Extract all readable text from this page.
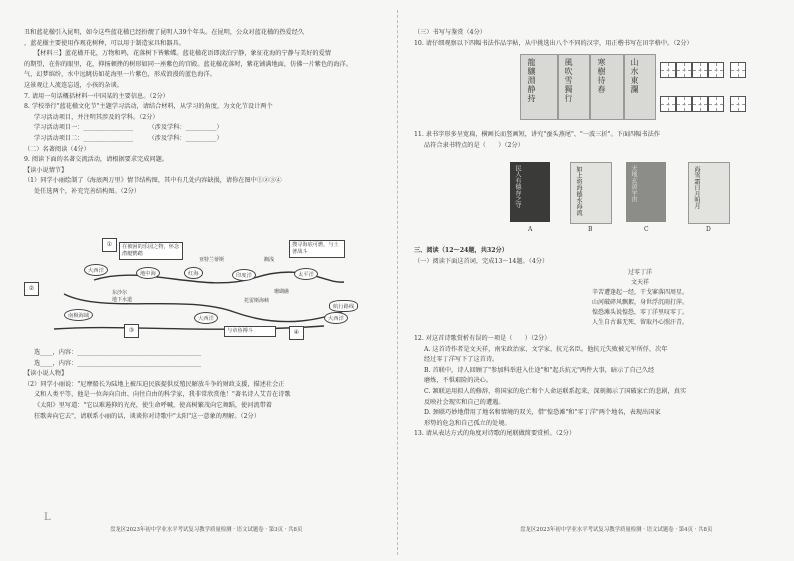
丑和蓝花楹引入昆明，如今这些蓝花楹已经扮靓了昆明人39个年头。在昆明，公众对蓝花楹的热爱经久
，蓝花楹主要使用作观花树种，可以用于制造家具和器具。
【材料三】蓝花楹开花，万物和鸣，花落树下皆紫蝶。蓝花楹花语即淡泊宁静，象征花海的宁静与美好的爱情
的期望，在你的眼里，花，抑扬顿挫的树形如同一座紫色的宫殿。蓝花楹花落时，紫花铺满地面，仿佛一片紫色的海洋。
气，幻梦缤纷，水中远眺彷如花海里一片紫色，形成浪漫的蓝色海洋。
这景观让人流连忘返，小孩的杂谈。
7. 请用一句话概括材料一中国某的主要信息。（2分）
8. 学校举行"蓝花楹文化节"主题学习活动，请结合材料，从学习的角度，为文化节设计两个
学习活动项目，并注明其涉及的学科。（2分）
学习活动项目一：________________　　　（涉及学科：__________）
学习活动项目二：________________　　　（涉及学科：__________）
（二）名著阅读（4分）
9. 阅读下面的名著交流活动，请根据要求完成问题。
【读小说情节】
（1）同学小丽绘制了《海底两万里》情节结构图，其中有几处内容缺损，请你在图中①②③④
处任选两个，补充完善结构图。（2分）
大西洋	地中海	红海	印度洋	太平洋
在被困的乐园之物，怀念潜艇鹦鹉
搜寻海底可燃，与土著战斗
亚特兰蒂斯
珊瑚礁
搁浅
东沙尔
地下水道	托雷斯海峡
航行路线
南极海域	大西洋	大西洋
与章鱼搏斗
①
②
③	④
选____，内容：________________________________________
选____，内容：________________________________________
【读小说人物】
（2）同学小丽说："尼摩船长为陆地上被压迫民族提供反殖民解放斗争的财政支援，描述社会正
义和人类平等，他是一位奔向自由、向往自由的科学家，我非常欣赏他！"著名诗人艾青在诗歌
《太阳》里写道："它以难遏抑的光亮，使生命呼喊，使高树繁茂向它舞蹈，使河流带着
狂歌奔向它去"，请联系小丽的话，谈谈你对诗歌中"太阳"这一意象的理解。（2分）
盘龙区2023年初中学业水平考试复习教学质量检测 · 语文试题卷 · 第3页 · 共8页
（三）书写与鉴赏（4分）
10. 请仔细观察以下四幅书法作品字帖，从中挑选出八个不同的汉字，用正楷书写在田字格中。（2分）
龍驤淵静持	風吹雪獨行	寒樹待春	山水東瀾
11. 隶书字形多呈宽扁，横画长而竖画短，讲究"蚕头燕尾"、"一波三折"。下面四幅书法作
品符合隶书特点的是（　　）（2分）
民人有德存之守	如上将海德水海流	天地玄黄宇宙	海雪霜日月明月
A	B	C	D
三、阅读（12～24题，共32分）
（一）阅读下面这首词，完成13～14题。（4分）
过零丁洋
文天祥
辛苦遭逢起一经，干戈寥落四周星。
山河破碎风飘絮，身世浮沉雨打萍。
惶恐滩头说惶恐，零丁洋里叹零丁。
人生自古谁无死，留取丹心照汗青。
12. 对这首诗歌赏析有误的一项是（　　）（2分）
A. 这首诗作者是文天祥，南宋政治家、文学家，抗元名臣。他抗元失败被元军所俘，次年
经过零丁洋写下了这首诗。
B. 首联中，诗人回顾了"参加科举进入仕途"和"起兵抗元"两件大事，暗示了自己久经
磨炼，不惧艰险的决心。
C. 颔联运用拟人的修辞，将国家的危亡和个人命运联系起来，深刻揭示了国破家亡的悲剧，真实
反映社会现实和自己的遭遇。
D. 颈联巧妙地借用了地名和情境的双关，借"惶恐滩"和"零丁洋"两个地名，表现出国家
形势的危急和自己孤立的处境。
13. 请从表达方式的角度对诗歌的尾联做简要赏析。（2分）
盘龙区2023年初中学业水平考试复习教学质量检测 · 语文试题卷 · 第4页 · 共8页
L
